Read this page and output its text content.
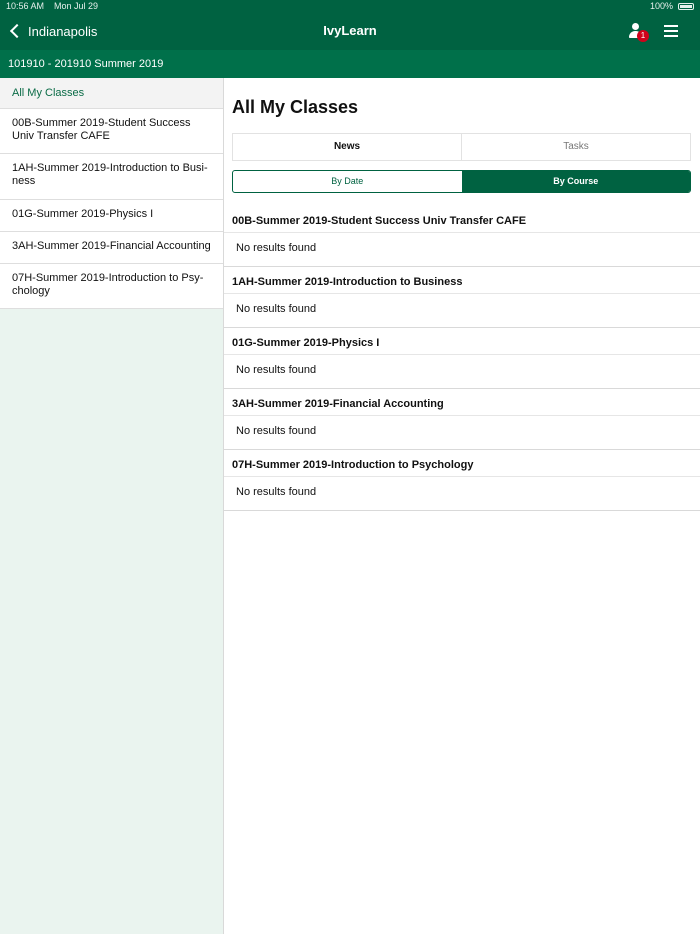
10:56 AM Mon Jul 29	100%
Indianapolis	IvyLearn	1
101910 - 201910 Summer 2019
All My Classes
00B-Summer 2019-Student Success Univ Transfer CAFE
1AH-Summer 2019-Introduction to Busi-ness
01G-Summer 2019-Physics I
3AH-Summer 2019-Financial Accounting
07H-Summer 2019-Introduction to Psy-chology
All My Classes
News	Tasks
By Date	By Course
00B-Summer 2019-Student Success Univ Transfer CAFE
No results found
1AH-Summer 2019-Introduction to Business
No results found
01G-Summer 2019-Physics I
No results found
3AH-Summer 2019-Financial Accounting
No results found
07H-Summer 2019-Introduction to Psychology
No results found
